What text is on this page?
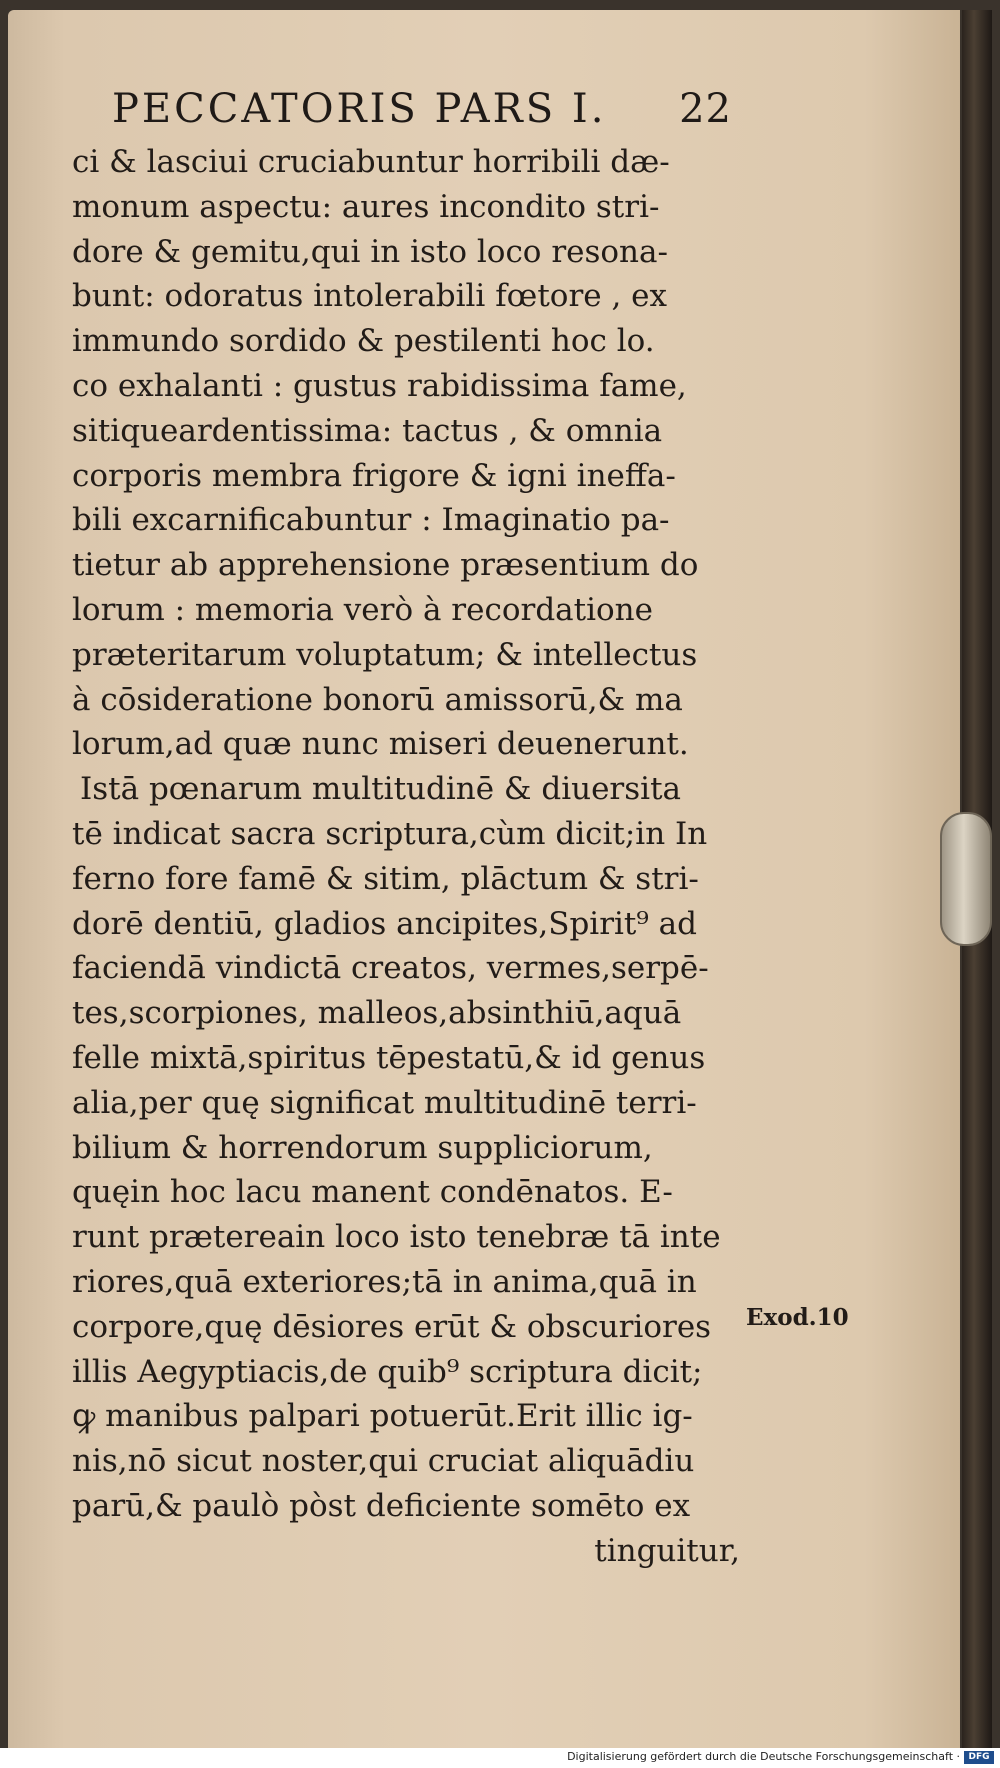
PECCATORIS PARS I. 22
ci & lasciui cruciabuntur horribili dæ-
monum aspectu: aures incondito stri-
dore & gemitu,qui in isto loco resona-
bunt: odoratus intolerabili fœtore , ex
immundo sordido & pestilenti hoc lo.
co exhalanti : gustus rabidissima fame,
sitiqueardentissima: tactus , & omnia
corporis membra frigore & igni ineffa-
bili excarnificabuntur : Imaginatio pa-
tietur ab apprehensione præsentium do
lorum : memoria verò à recordatione
præteritarum voluptatum; & intellectus
à cōsideratione bonorū amissorū,& ma
lorum,ad quæ nunc miseri deuenerunt.
Istā pœnarum multitudinē & diuersita
tē indicat sacra scriptura,cùm dicit;in In
ferno fore famē & sitim, plāctum & stri-
dorē dentiū, gladios ancipites,Spirit⁹ ad
faciendā vindictā creatos, vermes,serpē-
tes,scorpiones, malleos,absinthiū,aquā
felle mixtā,spiritus tēpestatū,& id genus
alia,per quę significat multitudinē terri-
bilium & horrendorum suppliciorum,
quęin hoc lacu manent condēnatos. E-
runt prætereain loco isto tenebræ tā inte
riores,quā exteriores;tā in anima,quā in
corpore,quę dēsiores erūt & obscuriores
illis Aegyptiacis,de quib⁹ scriptura dicit;
ꝙ manibus palpari potuerūt.Erit illic ig-
nis,nō sicut noster,qui cruciat aliquādiu
parū,& paulò pòst deficiente somēto ex
tinguitur,
Exod.10
Digitalisierung gefördert durch die Deutsche Forschungsgemeinschaft · DFG
